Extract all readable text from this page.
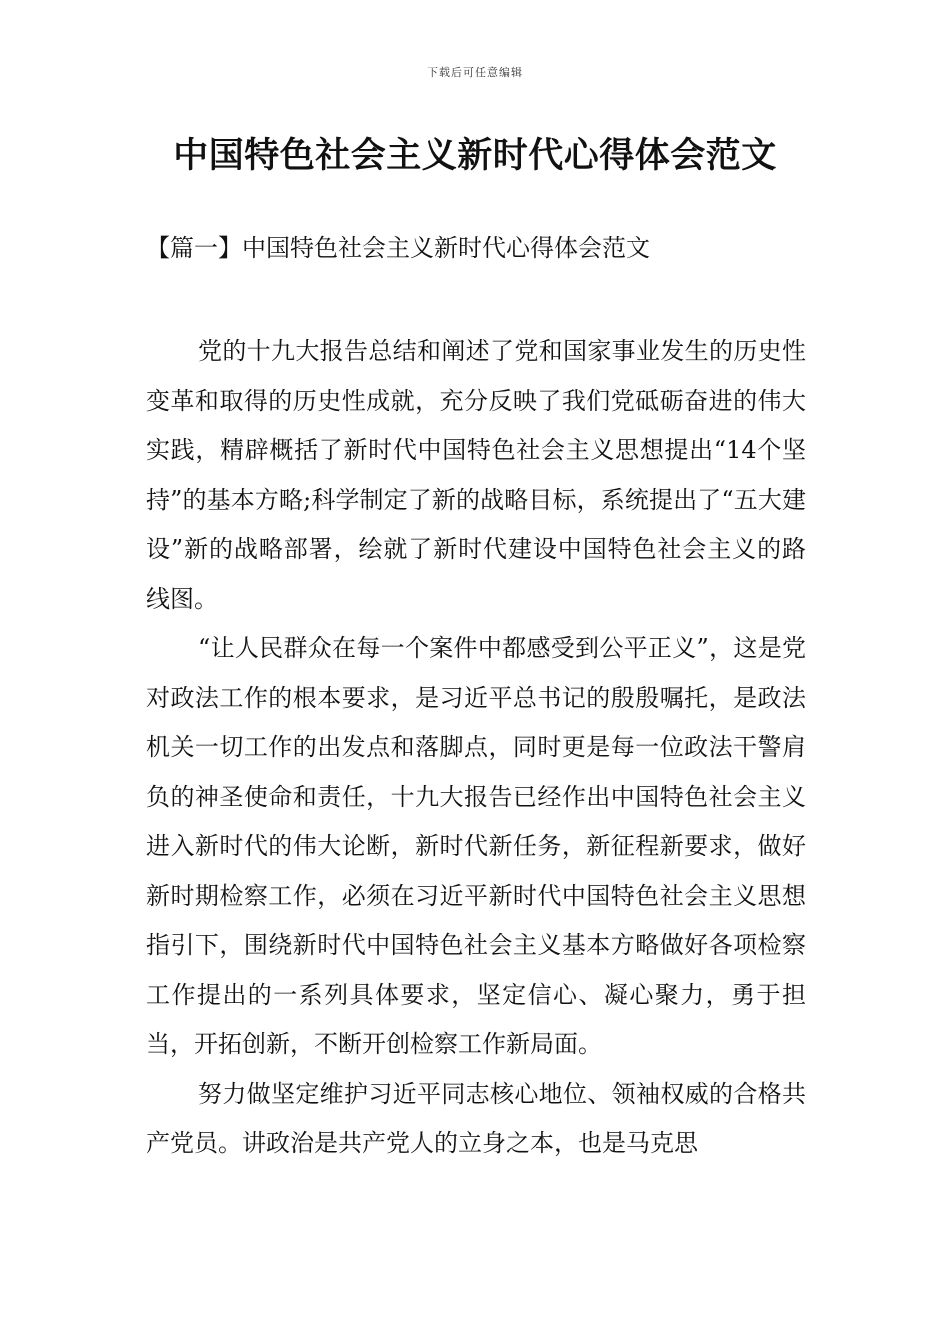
下载后可任意编辑
中国特色社会主义新时代心得体会范文
【篇一】中国特色社会主义新时代心得体会范文

党的十九大报告总结和阐述了党和国家事业发生的历史性变革和取得的历史性成就，充分反映了我们党砥砺奋进的伟大实践，精辟概括了新时代中国特色社会主义思想提出“14个坚持”的基本方略;科学制定了新的战略目标，系统提出了“五大建设”新的战略部署，绘就了新时代建设中国特色社会主义的路线图。

“让人民群众在每一个案件中都感受到公平正义”，这是党对政法工作的根本要求，是习近平总书记的殷殷嘱托，是政法机关一切工作的出发点和落脚点，同时更是每一位政法干警肩负的神圣使命和责任，十九大报告已经作出中国特色社会主义进入新时代的伟大论断，新时代新任务，新征程新要求，做好新时期检察工作，必须在习近平新时代中国特色社会主义思想指引下，围绕新时代中国特色社会主义基本方略做好各项检察工作提出的一系列具体要求，坚定信心、凝心聚力，勇于担当，开拓创新，不断开创检察工作新局面。

努力做坚定维护习近平同志核心地位、领袖权威的合格共产党员。讲政治是共产党人的立身之本，也是马克思
